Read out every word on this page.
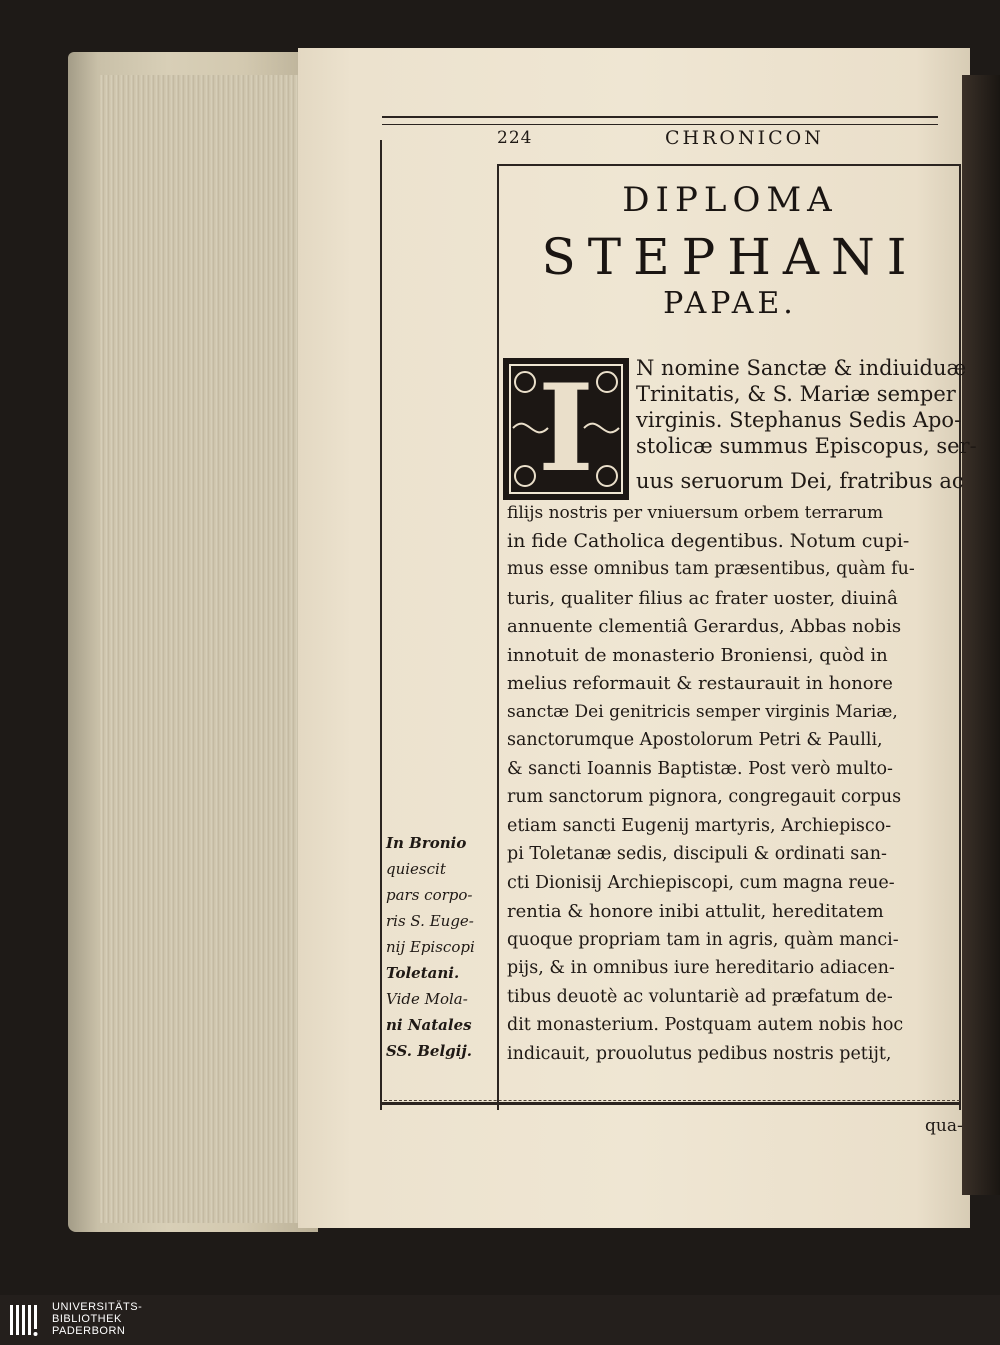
224	CHRONICON
DIPLOMA
STEPHANI
PAPAE.
I	N nomine Sanctæ & indiuiduæ
Trinitatis, & S. Mariæ semper
virginis. Stephanus Sedis Apo-
stolicæ summus Episcopus, ser-
uus seruorum Dei, fratribus ac
filijs nostris per vniuersum orbem terrarum
in fide Catholica degentibus. Notum cupi-
mus esse omnibus tam præsentibus, quàm fu-
turis, qualiter filius ac frater uoster, diuinâ
annuente clementiâ Gerardus, Abbas nobis
innotuit de monasterio Broniensi, quòd in
melius reformauit & restaurauit in honore
sanctæ Dei genitricis semper virginis Mariæ,
sanctorumque Apostolorum Petri & Paulli,
& sancti Ioannis Baptistæ. Post verò multo-
rum sanctorum pignora, congregauit corpus
etiam sancti Eugenij martyris, Archiepisco-
pi Toletanæ sedis, discipuli & ordinati san-
cti Dionisij Archiepiscopi, cum magna reue-
rentia & honore inibi attulit, hereditatem
quoque propriam tam in agris, quàm manci-
pijs, & in omnibus iure hereditario adiacen-
tibus deuotè ac voluntariè ad præfatum de-
dit monasterium. Postquam autem nobis hoc
indicauit, prouolutus pedibus nostris petijt,
In Bronio
quiescit
pars corpo-
ris S. Euge-
nij Episcopi
Toletani.
Vide Mola-
ni Natales
SS. Belgij.
qua-
UNIVERSITÄTS-
BIBLIOTHEK
PADERBORN
